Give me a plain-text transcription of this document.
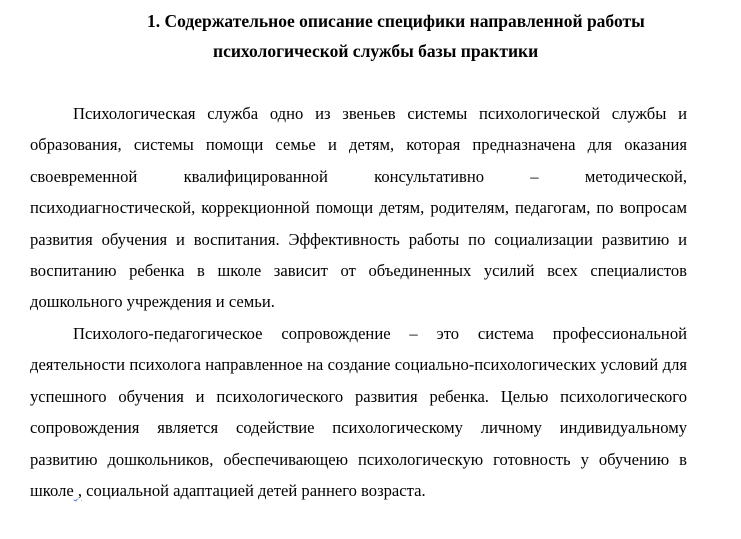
1. Содержательное описание специфики направленной работы
психологической службы базы практики

Психологическая служба одно из звеньев системы психологической службы и образования, системы помощи семье и детям, которая предназначена для оказания своевременной квалифицированной консультативно – методической, психодиагностической, коррекционной помощи детям, родителям, педагогам, по вопросам развития обучения и воспитания. Эффективность работы по социализации развитию и воспитанию ребенка в школе зависит от объединенных усилий всех специалистов дошкольного учреждения и семьи.

Психолого-педагогическое сопровождение – это система профессиональной деятельности психолога направленное на создание социально-психологических условий для успешного обучения и психологического развития ребенка. Целью психологического сопровождения является содействие психологическому личному индивидуальному развитию дошкольников, обеспечивающею психологическую готовность у обучению в школе , социальной адаптацией детей раннего возраста.
